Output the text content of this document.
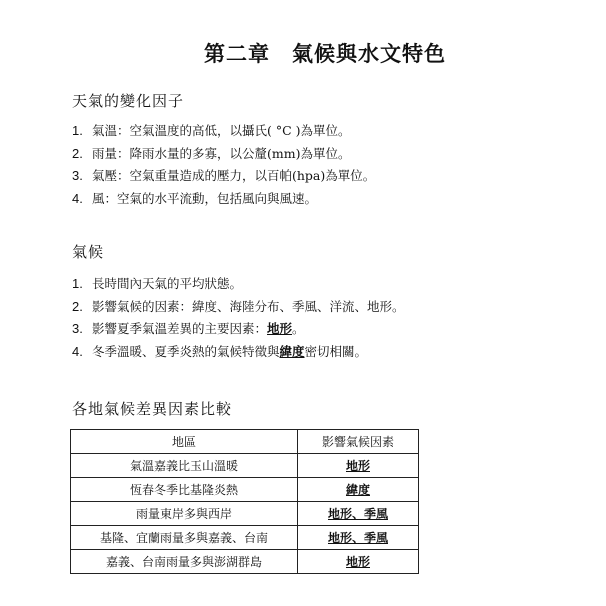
第二章　氣候與水文特色
天氣的變化因子
1. 氣溫：空氣溫度的高低，以攝氏( °C )為單位。
2. 雨量：降雨水量的多寡，以公釐(mm)為單位。
3. 氣壓：空氣重量造成的壓力，以百帕(hpa)為單位。
4. 風：空氣的水平流動，包括風向與風速。
氣候
1. 長時間內天氣的平均狀態。
2. 影響氣候的因素：緯度、海陸分布、季風、洋流、地形。
3. 影響夏季氣溫差異的主要因素：地形。
4. 冬季溫暖、夏季炎熱的氣候特徵與緯度密切相關。
各地氣候差異因素比較
地區	影響氣候因素
氣溫嘉義比玉山溫暖	地形
恆春冬季比基隆炎熱	緯度
雨量東岸多與西岸	地形、季風
基隆、宜蘭雨量多與嘉義、台南	地形、季風
嘉義、台南雨量多與澎湖群島	地形
